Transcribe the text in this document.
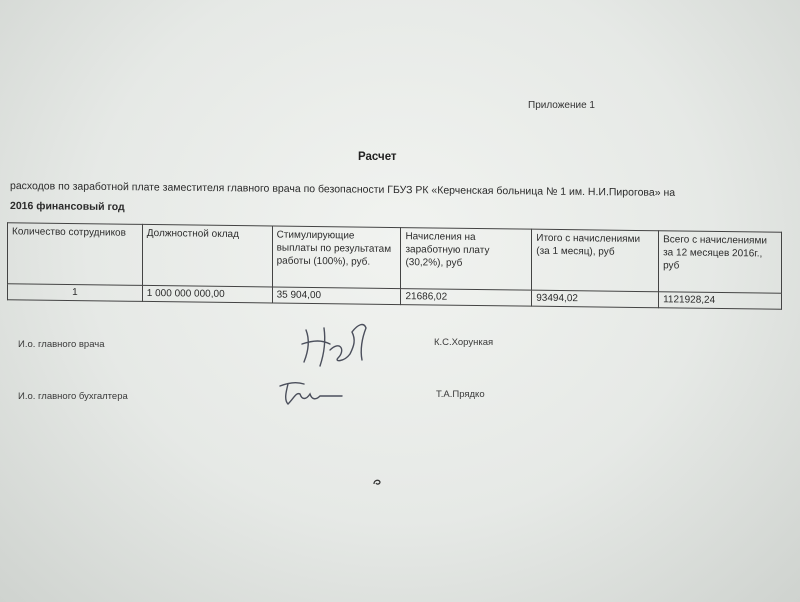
Приложение 1
Расчет
расходов по заработной плате заместителя главного врача по безопасности ГБУЗ РК «Керченская больница № 1 им. Н.И.Пирогова» на
2016 финансовый год
Количество сотрудников	Должностной оклад	Стимулирующие выплаты по результатам работы (100%), руб.	Начисления на заработную плату (30,2%), руб	Итого с начислениями (за 1 месяц), руб	Всего с начислениями за 12 месяцев 2016г., руб
1	1 000 000 000,00	35 904,00	21686,02	93494,02	1121928,24
И.о. главного врача	К.С.Хорункая
И.о. главного бухгалтера	Т.А.Прядко
